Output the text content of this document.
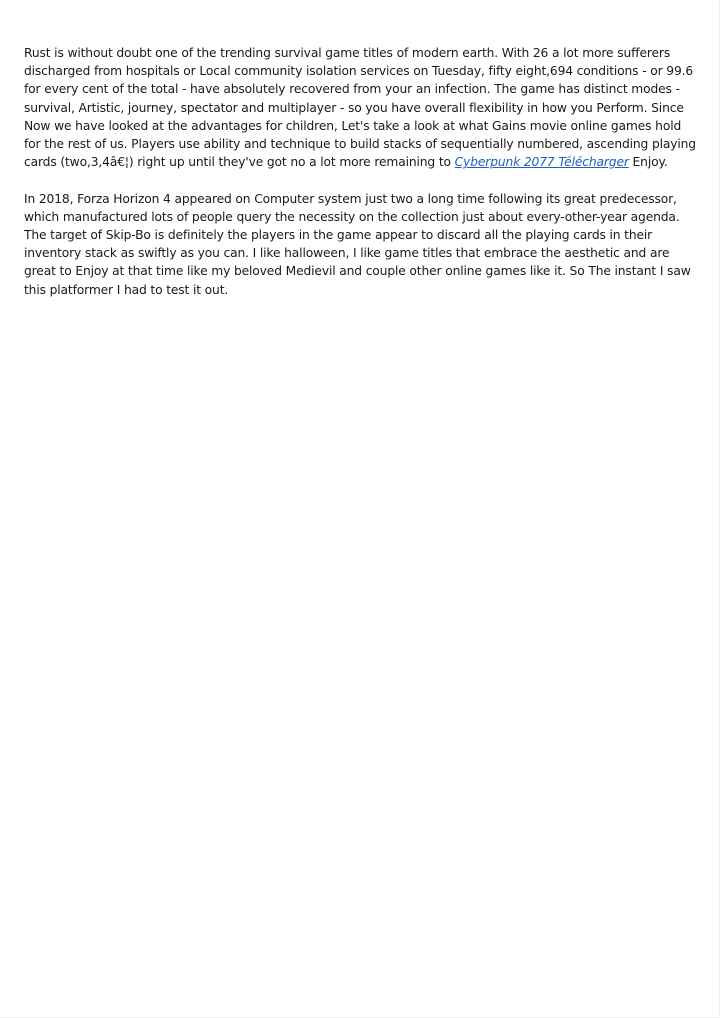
Rust is without doubt one of the trending survival game titles of modern earth. With 26 a lot more sufferers discharged from hospitals or Local community isolation services on Tuesday, fifty eight,694 conditions - or 99.6 for every cent of the total - have absolutely recovered from your an infection. The game has distinct modes - survival, Artistic, journey, spectator and multiplayer - so you have overall flexibility in how you Perform. Since Now we have looked at the advantages for children, Let's take a look at what Gains movie online games hold for the rest of us. Players use ability and technique to build stacks of sequentially numbered, ascending playing cards (two,3,4â€¦) right up until they've got no a lot more remaining to Cyberpunk 2077 Télécharger Enjoy.

In 2018, Forza Horizon 4 appeared on Computer system just two a long time following its great predecessor, which manufactured lots of people query the necessity on the collection just about every-other-year agenda. The target of Skip-Bo is definitely the players in the game appear to discard all the playing cards in their inventory stack as swiftly as you can. I like halloween, I like game titles that embrace the aesthetic and are great to Enjoy at that time like my beloved Medievil and couple other online games like it. So The instant I saw this platformer I had to test it out.
